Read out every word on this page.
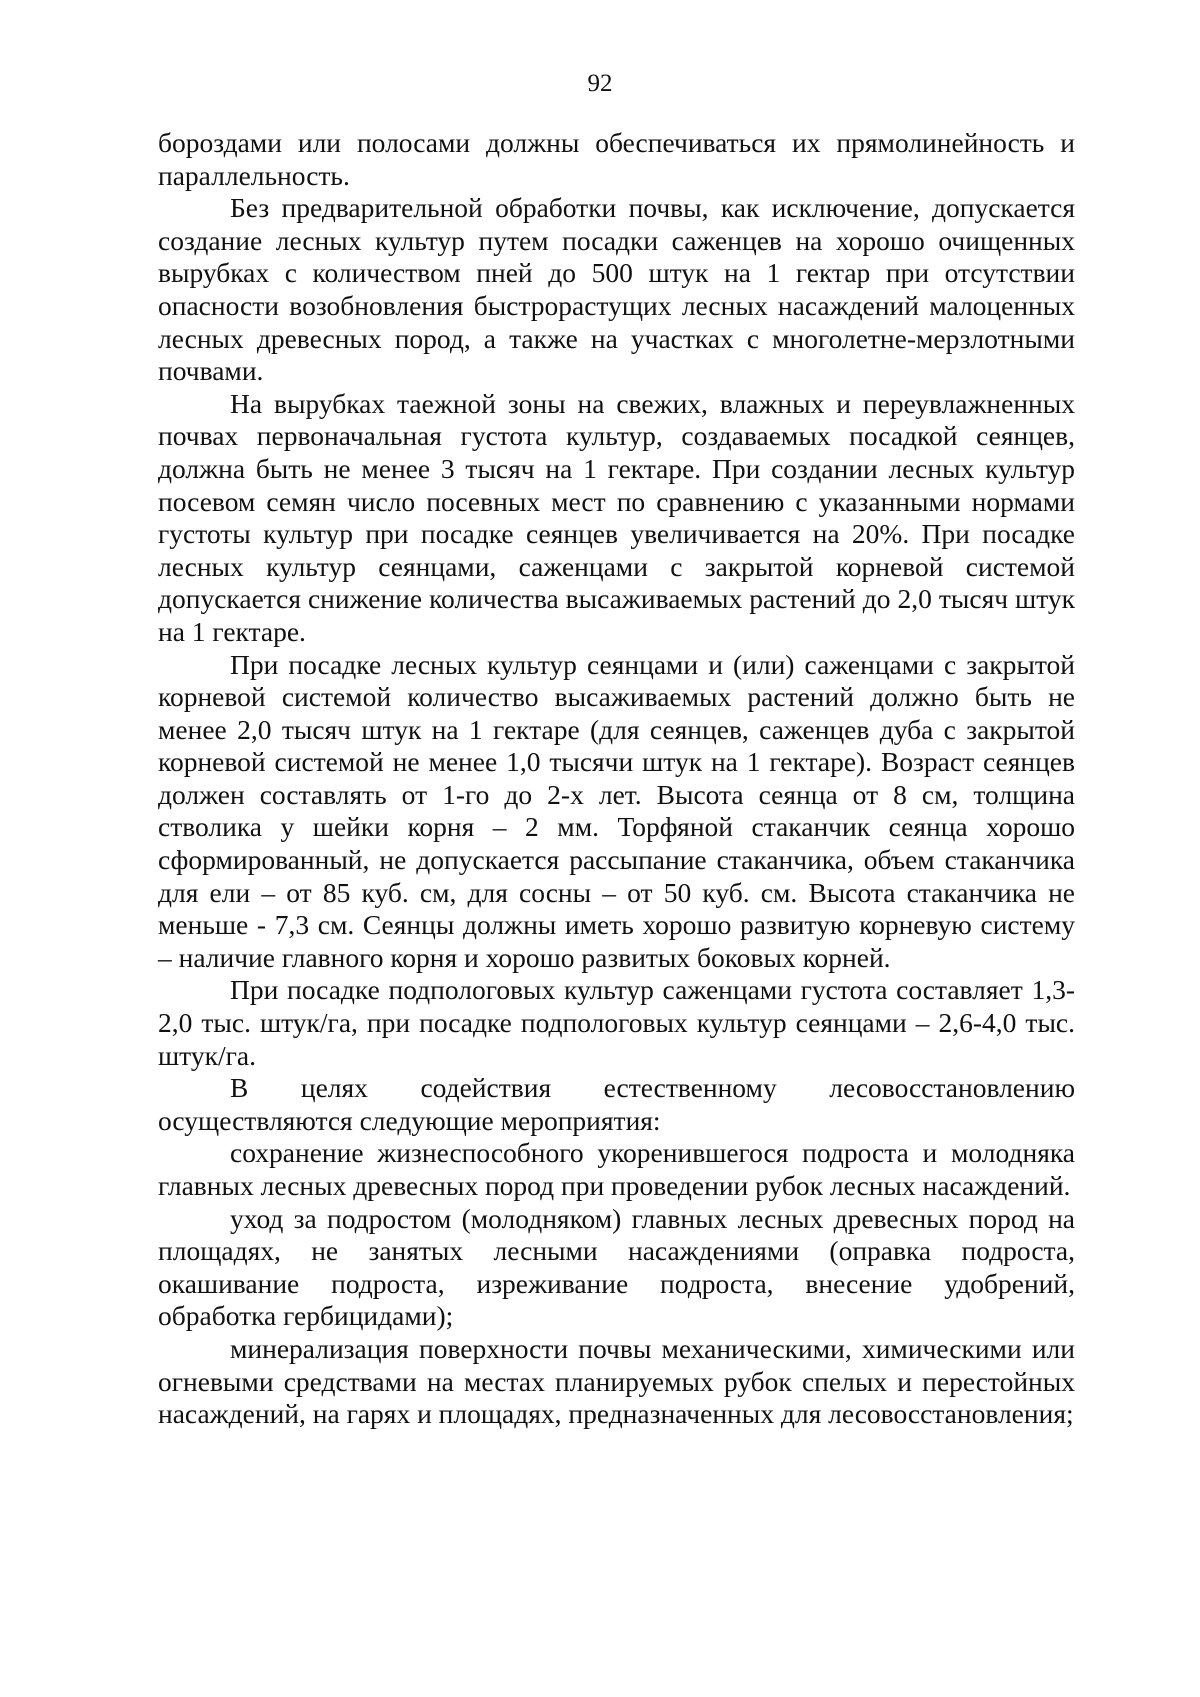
92

бороздами или полосами должны обеспечиваться их прямолинейность и параллельность.

Без предварительной обработки почвы, как исключение, допускается создание лесных культур путем посадки саженцев на хорошо очищенных вырубках с количеством пней до 500 штук на 1 гектар при отсутствии опасности возобновления быстрорастущих лесных насаждений малоценных лесных древесных пород, а также на участках с многолетне-мерзлотными почвами.

На вырубках таежной зоны на свежих, влажных и переувлажненных почвах первоначальная густота культур, создаваемых посадкой сеянцев, должна быть не менее 3 тысяч на 1 гектаре. При создании лесных культур посевом семян число посевных мест по сравнению с указанными нормами густоты культур при посадке сеянцев увеличивается на 20%. При посадке лесных культур сеянцами, саженцами с закрытой корневой системой допускается снижение количества высаживаемых растений до 2,0 тысяч штук на 1 гектаре.

При посадке лесных культур сеянцами и (или) саженцами с закрытой корневой системой количество высаживаемых растений должно быть не менее 2,0 тысяч штук на 1 гектаре (для сеянцев, саженцев дуба с закрытой корневой системой не менее 1,0 тысячи штук на 1 гектаре). Возраст сеянцев должен составлять от 1-го до 2-х лет. Высота сеянца от 8 см, толщина стволика у шейки корня – 2 мм. Торфяной стаканчик сеянца хорошо сформированный, не допускается рассыпание стаканчика, объем стаканчика для ели – от 85 куб. см, для сосны – от 50 куб. см. Высота стаканчика не меньше - 7,3 см. Сеянцы должны иметь хорошо развитую корневую систему – наличие главного корня и хорошо развитых боковых корней.

При посадке подпологовых культур саженцами густота составляет 1,3-2,0 тыс. штук/га, при посадке подпологовых культур сеянцами – 2,6-4,0 тыс. штук/га.

В целях содействия естественному лесовосстановлению осуществляются следующие мероприятия:

сохранение жизнеспособного укоренившегося подроста и молодняка главных лесных древесных пород при проведении рубок лесных насаждений.

уход за подростом (молодняком) главных лесных древесных пород на площадях, не занятых лесными насаждениями (оправка подроста, окашивание подроста, изреживание подроста, внесение удобрений, обработка гербицидами);

минерализация поверхности почвы механическими, химическими или огневыми средствами на местах планируемых рубок спелых и перестойных насаждений, на гарях и площадях, предназначенных для лесовосстановления;
